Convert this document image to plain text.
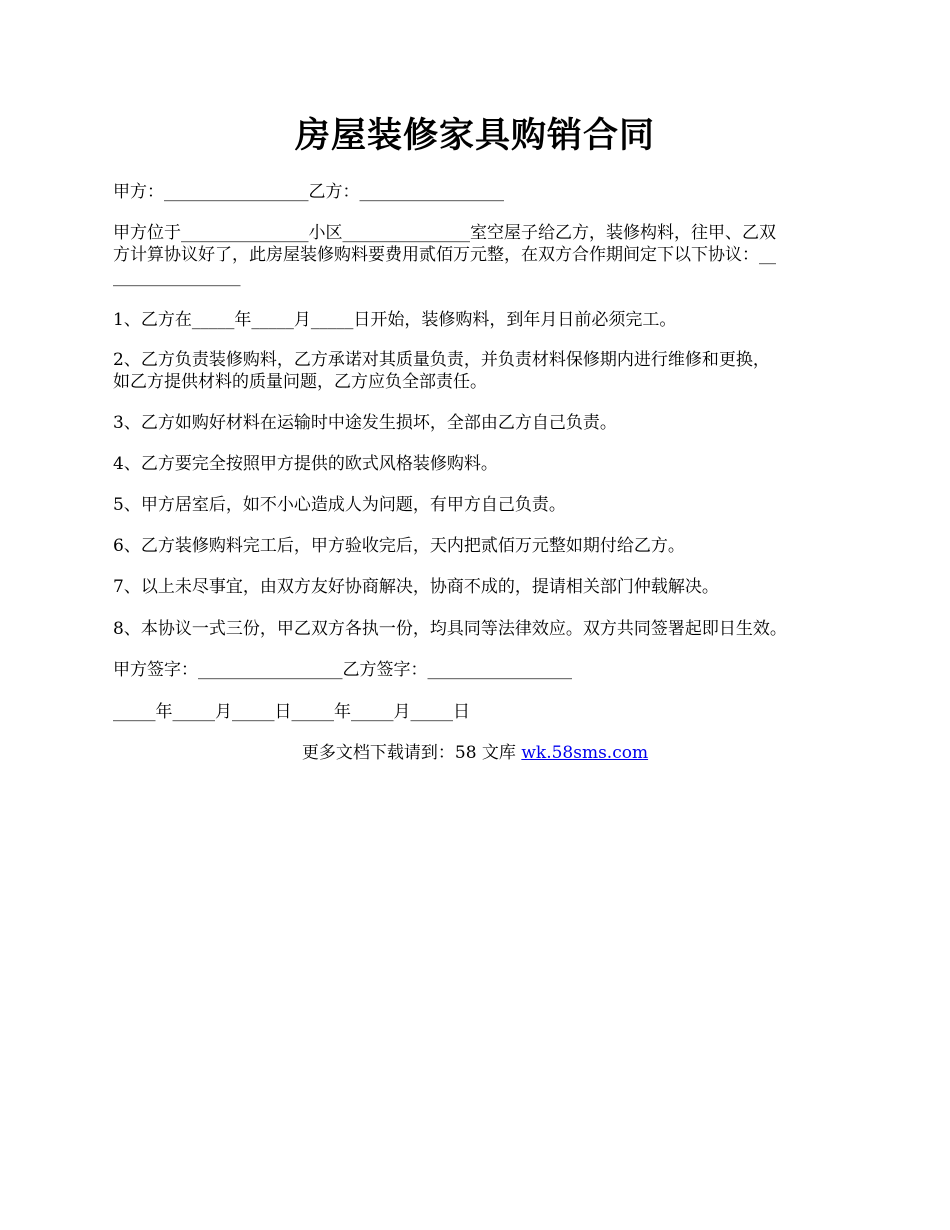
房屋装修家具购销合同
甲方：_________________乙方：_________________
甲方位于_______________小区_______________室空屋子给乙方，装修构料，往甲、乙双
方计算协议好了，此房屋装修购料要费用贰佰万元整，在双方合作期间定下以下协议：__
_______________
1、乙方在_____年_____月_____日开始，装修购料，到年月日前必须完工。
2、乙方负责装修购料，乙方承诺对其质量负责，并负责材料保修期内进行维修和更换，
如乙方提供材料的质量问题，乙方应负全部责任。
3、乙方如购好材料在运输时中途发生损坏，全部由乙方自己负责。
4、乙方要完全按照甲方提供的欧式风格装修购料。
5、甲方居室后，如不小心造成人为问题，有甲方自己负责。
6、乙方装修购料完工后，甲方验收完后，天内把贰佰万元整如期付给乙方。
7、以上未尽事宜，由双方友好协商解决，协商不成的，提请相关部门仲载解决。
8、本协议一式三份，甲乙双方各执一份，均具同等法律效应。双方共同签署起即日生效。
甲方签字：_________________乙方签字：_________________
_____年_____月_____日_____年_____月_____日
更多文档下载请到：58 文库 wk.58sms.com
